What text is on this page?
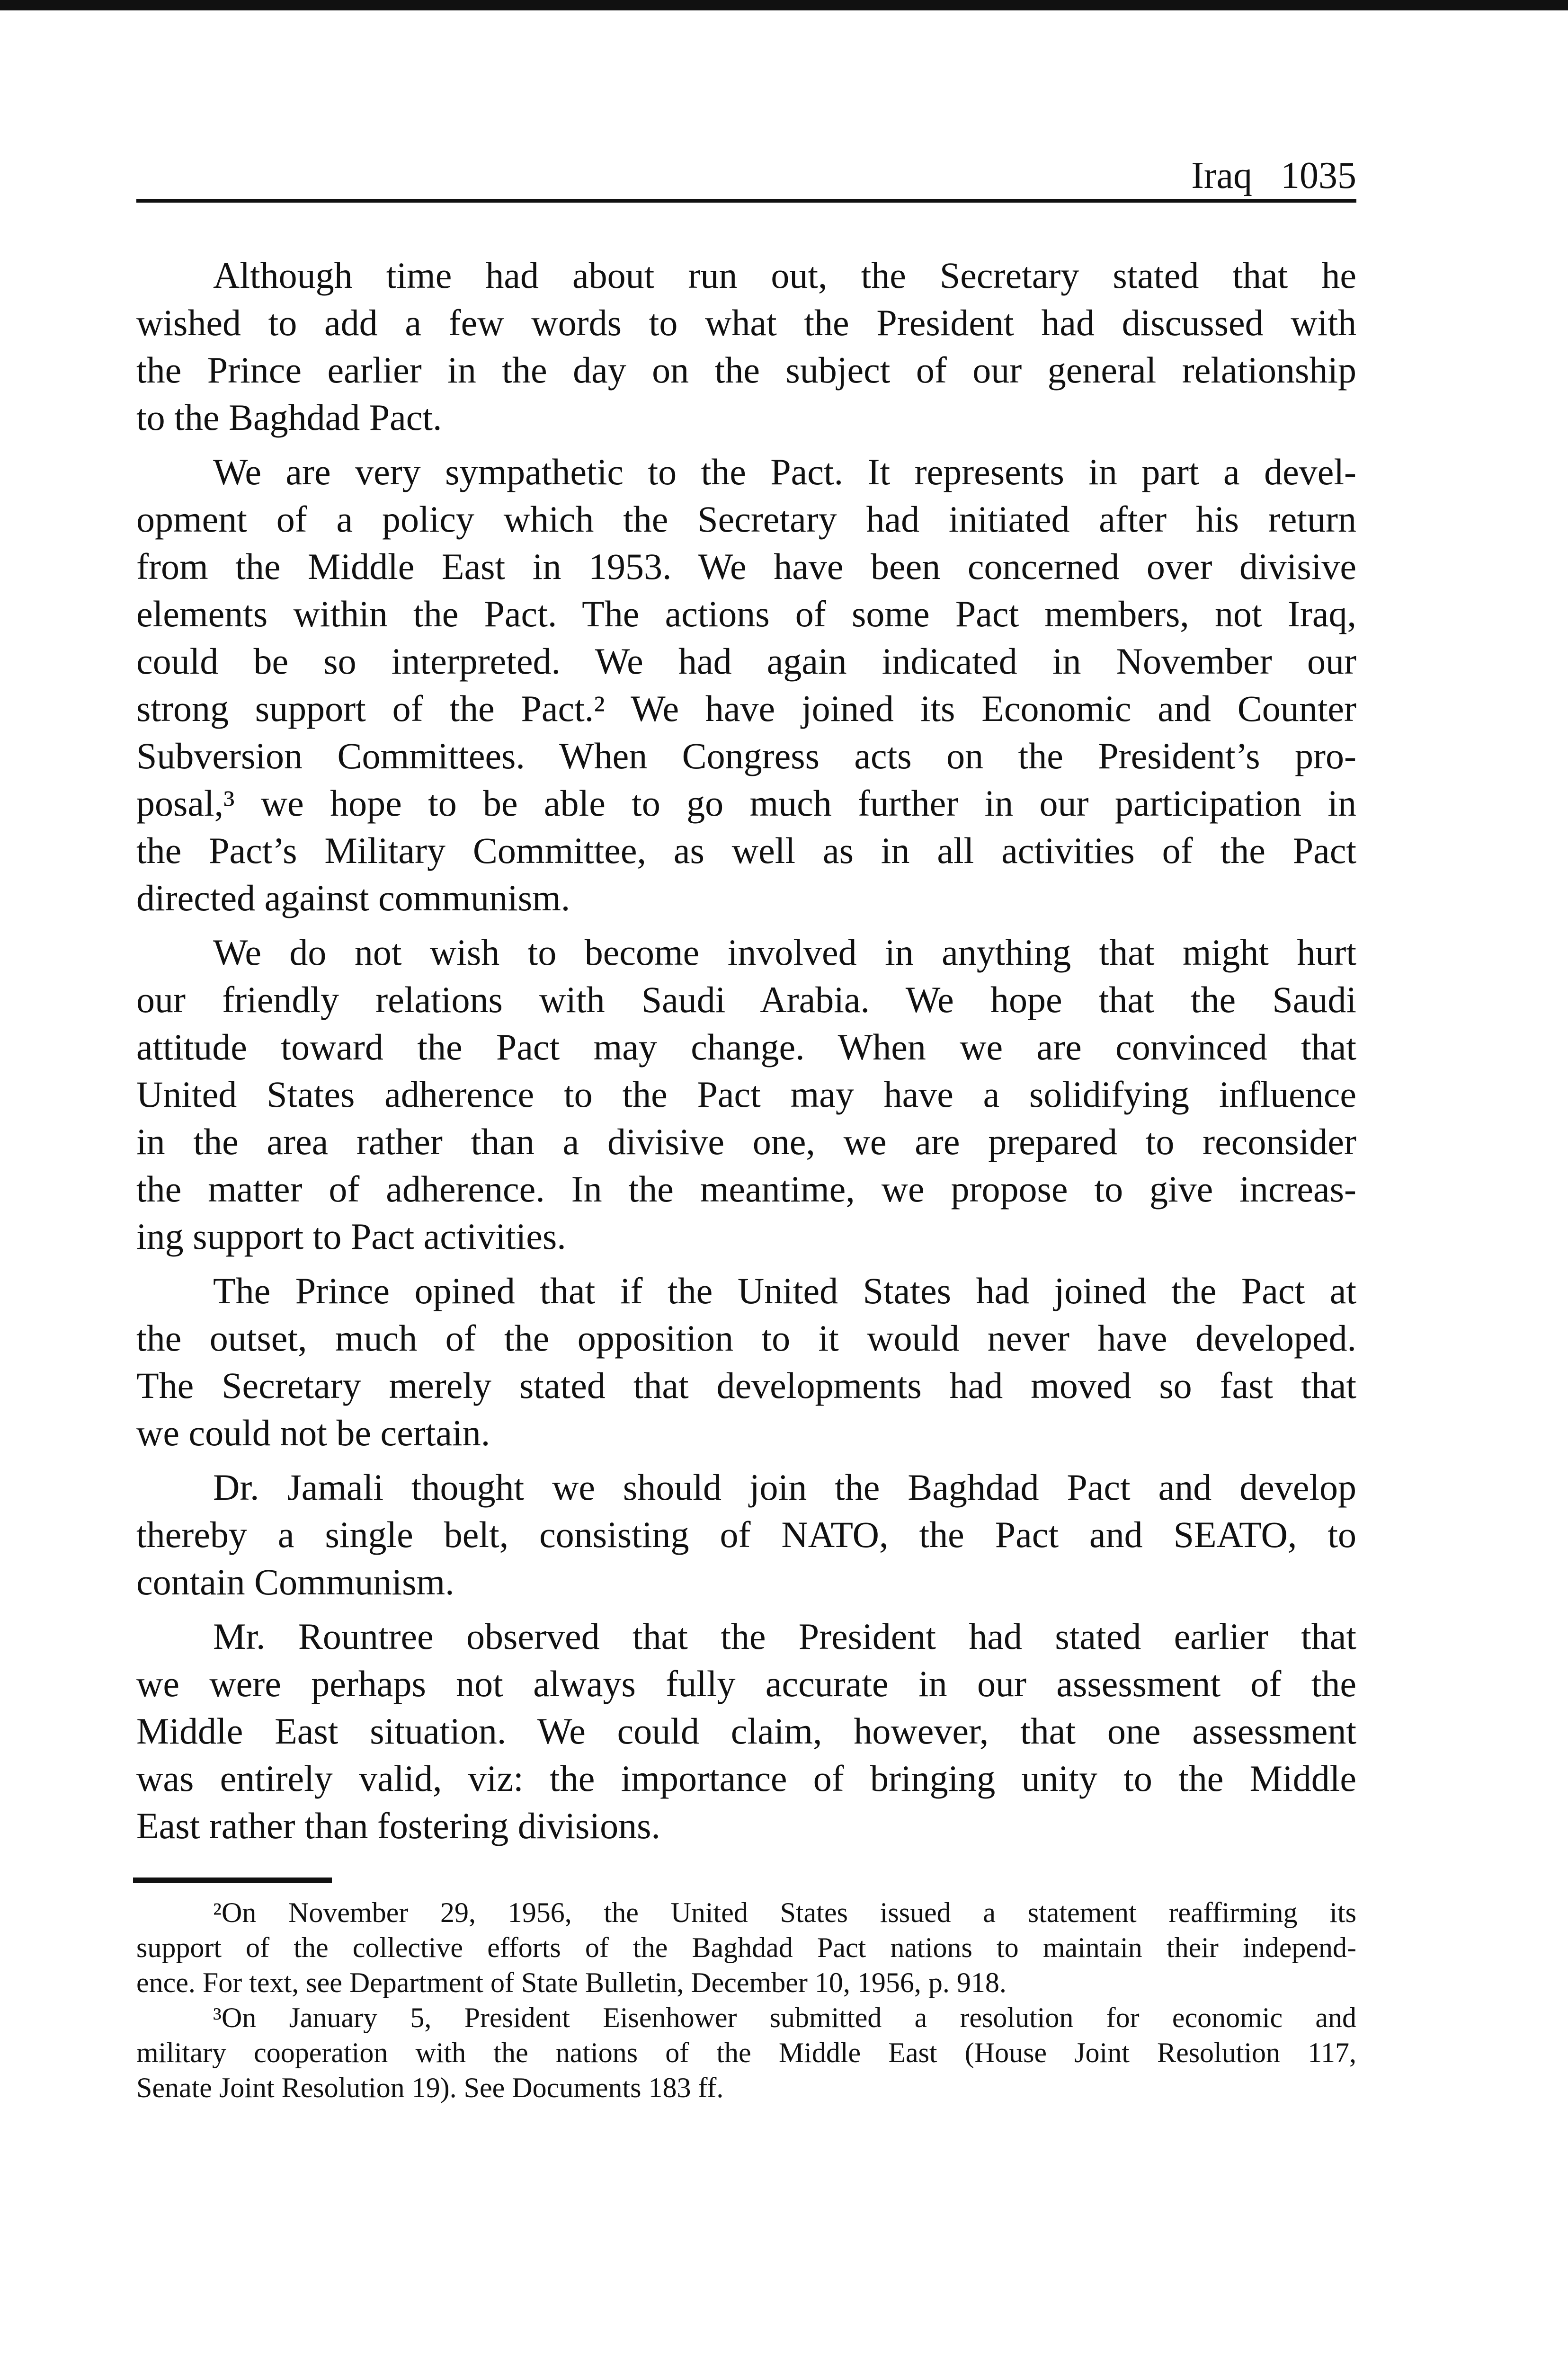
Iraq 1035
Although time had about run out, the Secretary stated that he
wished to add a few words to what the President had discussed with
the Prince earlier in the day on the subject of our general relationship
to the Baghdad Pact.
We are very sympathetic to the Pact. It represents in part a devel-
opment of a policy which the Secretary had initiated after his return
from the Middle East in 1953. We have been concerned over divisive
elements within the Pact. The actions of some Pact members, not Iraq,
could be so interpreted. We had again indicated in November our
strong support of the Pact.² We have joined its Economic and Counter
Subversion Committees. When Congress acts on the President’s pro-
posal,³ we hope to be able to go much further in our participation in
the Pact’s Military Committee, as well as in all activities of the Pact
directed against communism.
We do not wish to become involved in anything that might hurt
our friendly relations with Saudi Arabia. We hope that the Saudi
attitude toward the Pact may change. When we are convinced that
United States adherence to the Pact may have a solidifying influence
in the area rather than a divisive one, we are prepared to reconsider
the matter of adherence. In the meantime, we propose to give increas-
ing support to Pact activities.
The Prince opined that if the United States had joined the Pact at
the outset, much of the opposition to it would never have developed.
The Secretary merely stated that developments had moved so fast that
we could not be certain.
Dr. Jamali thought we should join the Baghdad Pact and develop
thereby a single belt, consisting of NATO, the Pact and SEATO, to
contain Communism.
Mr. Rountree observed that the President had stated earlier that
we were perhaps not always fully accurate in our assessment of the
Middle East situation. We could claim, however, that one assessment
was entirely valid, viz: the importance of bringing unity to the Middle
East rather than fostering divisions.
²On November 29, 1956, the United States issued a statement reaffirming its
support of the collective efforts of the Baghdad Pact nations to maintain their independ-
ence. For text, see Department of State Bulletin, December 10, 1956, p. 918.
³On January 5, President Eisenhower submitted a resolution for economic and
military cooperation with the nations of the Middle East (House Joint Resolution 117,
Senate Joint Resolution 19). See Documents 183 ff.
